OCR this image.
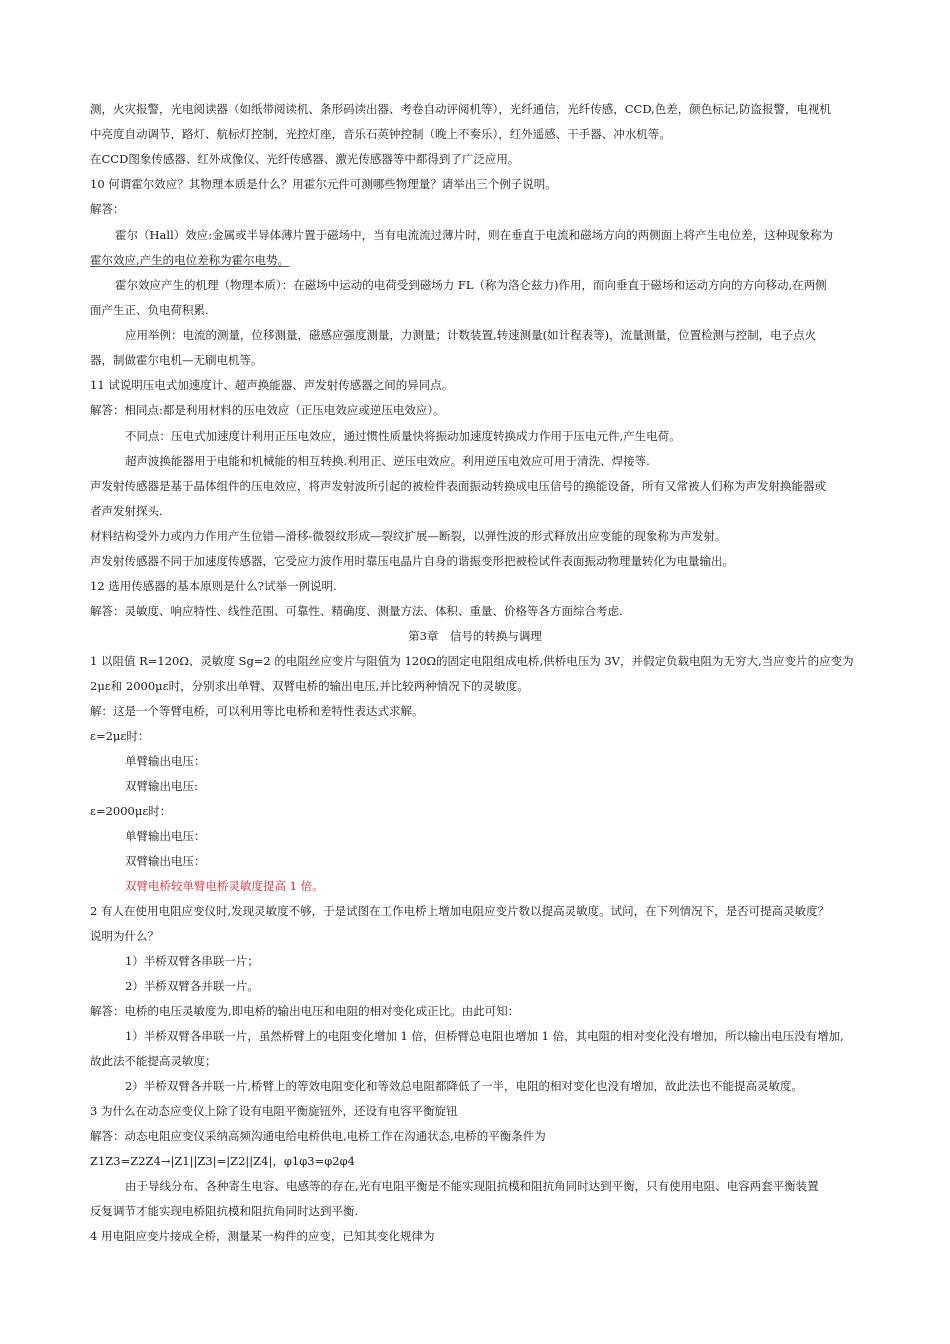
测，火灾报警，光电阅读器（如纸带阅读机、条形码读出器、考卷自动评阅机等），光纤通信，光纤传感，CCD,色差，颜色标记,防盗报警，电视机
中亮度自动调节，路灯、航标灯控制，光控灯座，音乐石英钟控制（晚上不奏乐），红外遥感、干手器、冲水机等。
在CCD图象传感器、红外成像仪、光纤传感器、激光传感器等中都得到了广泛应用。
10 何谓霍尔效应？其物理本质是什么？用霍尔元件可测哪些物理量？请举出三个例子说明。
解答：
霍尔（Hall）效应:金属或半导体薄片置于磁场中，当有电流流过薄片时，则在垂直于电流和磁场方向的两侧面上将产生电位差，这种现象称为
霍尔效应,产生的电位差称为霍尔电势。
霍尔效应产生的机理（物理本质）：在磁场中运动的电荷受到磁场力 FL（称为洛仑兹力)作用，而向垂直于磁场和运动方向的方向移动,在两侧
面产生正、负电荷积累.
应用举例：电流的测量，位移测量，磁感应强度测量，力测量；计数装置,转速测量(如计程表等)，流量测量，位置检测与控制，电子点火
器，制做霍尔电机—无刷电机等。
11 试说明压电式加速度计、超声换能器、声发射传感器之间的异同点。
解答：相同点:都是利用材料的压电效应（正压电效应或逆压电效应）。
不同点：压电式加速度计利用正压电效应，通过惯性质量快将振动加速度转换成力作用于压电元件,产生电荷。
超声波换能器用于电能和机械能的相互转换.利用正、逆压电效应。利用逆压电效应可用于清洗、焊接等.
声发射传感器是基于晶体组件的压电效应，将声发射波所引起的被检件表面振动转换成电压信号的换能设备，所有又常被人们称为声发射换能器或
者声发射探头.
材料结构受外力或内力作用产生位错—滑移-微裂纹形成—裂纹扩展—断裂，以弹性波的形式释放出应变能的现象称为声发射。
声发射传感器不同于加速度传感器，它受应力波作用时靠压电晶片自身的谐振变形把被检试件表面振动物理量转化为电量输出。
12 选用传感器的基本原则是什么?试举一例说明.
解答：灵敏度、响应特性、线性范围、可靠性、精确度、测量方法、体积、重量、价格等各方面综合考虑.
第3章　信号的转换与调理
1 以阻值 R=120Ω、灵敏度 Sg=2 的电阻丝应变片与阻值为 120Ω的固定电阻组成电桥,供桥电压为 3V，并假定负载电阻为无穷大,当应变片的应变为
2με和 2000με时，分别求出单臂、双臂电桥的输出电压,并比较两种情况下的灵敏度。
解：这是一个等臂电桥，可以利用等比电桥和差特性表达式求解。
ε=2με时：
单臂输出电压：
双臂输出电压:
ε=2000με时：
单臂输出电压：
双臂输出电压：
双臂电桥较单臂电桥灵敏度提高 1 倍。
2 有人在使用电阻应变仪时,发现灵敏度不够，于是试图在工作电桥上增加电阻应变片数以提高灵敏度。试问，在下列情况下，是否可提高灵敏度？
说明为什么？
1）半桥双臂各串联一片；
2）半桥双臂各并联一片。
解答：电桥的电压灵敏度为,即电桥的输出电压和电阻的相对变化成正比。由此可知：
1）半桥双臂各串联一片，虽然桥臂上的电阻变化增加 1 倍，但桥臂总电阻也增加 1 倍，其电阻的相对变化没有增加，所以输出电压没有增加,
故此法不能提高灵敏度；
2）半桥双臂各并联一片,桥臂上的等效电阻变化和等效总电阻都降低了一半，电阻的相对变化也没有增加，故此法也不能提高灵敏度。
3 为什么在动态应变仪上除了设有电阻平衡旋钮外，还设有电容平衡旋钮
解答：动态电阻应变仪采纳高频沟通电给电桥供电,电桥工作在沟通状态,电桥的平衡条件为
Z1Z3=Z2Z4→|Z1||Z3|=|Z2||Z4|，φ1φ3=φ2φ4
由于导线分布、各种寄生电容、电感等的存在,光有电阻平衡是不能实现阻抗模和阻抗角同时达到平衡，只有使用电阻、电容两套平衡装置
反复调节才能实现电桥阻抗模和阻抗角同时达到平衡.
4 用电阻应变片接成全桥，测量某一构件的应变，已知其变化规律为
